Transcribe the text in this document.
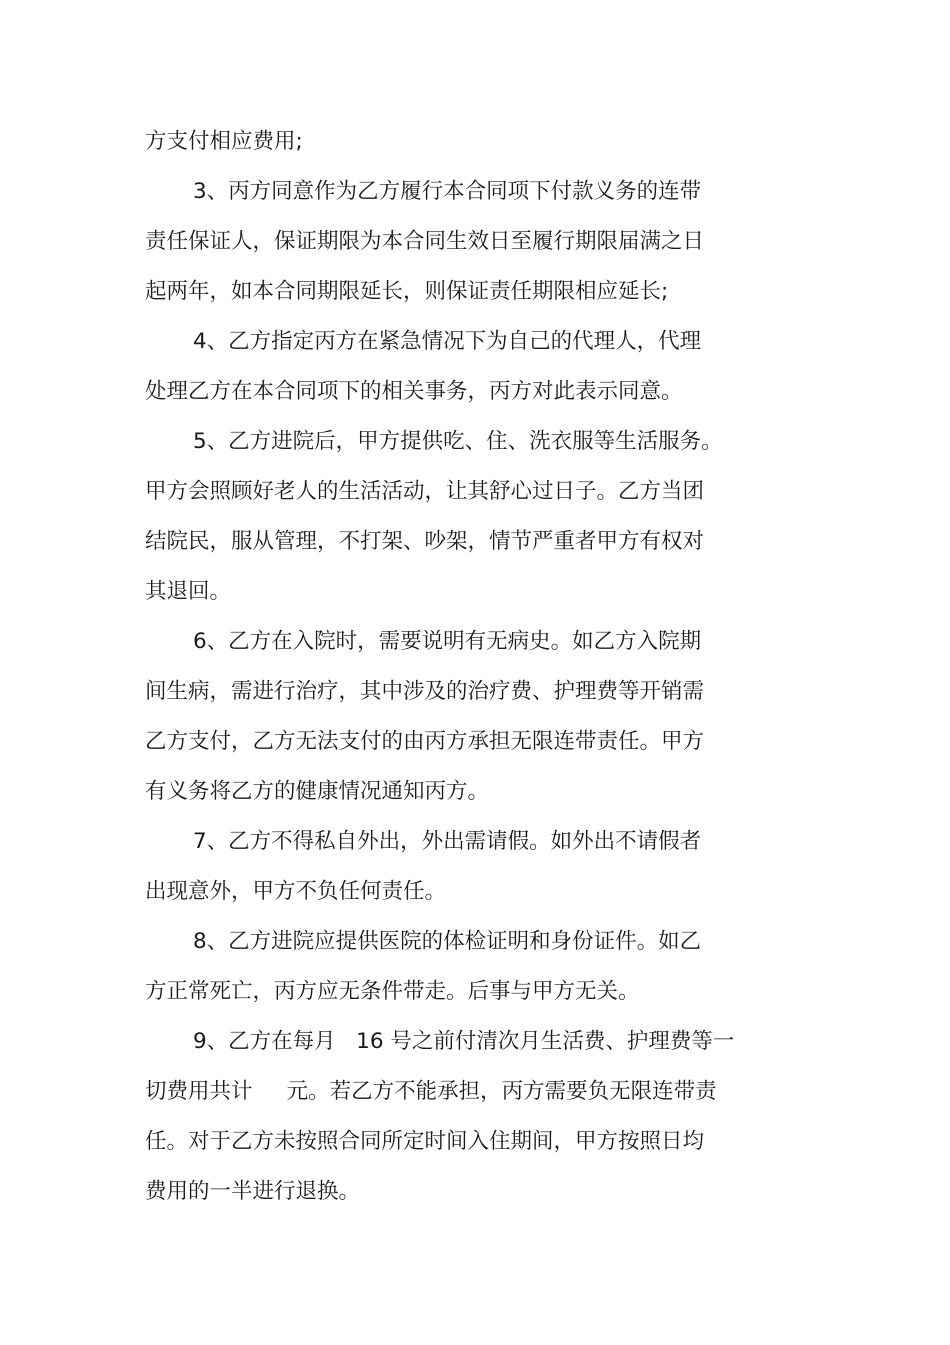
方支付相应费用;

3、丙方同意作为乙方履行本合同项下付款义务的连带

责任保证人，保证期限为本合同生效日至履行期限届满之日

起两年，如本合同期限延长，则保证责任期限相应延长;

4、乙方指定丙方在紧急情况下为自己的代理人，代理

处理乙方在本合同项下的相关事务，丙方对此表示同意。

5、乙方进院后，甲方提供吃、住、洗衣服等生活服务。

甲方会照顾好老人的生活活动，让其舒心过日子。乙方当团

结院民，服从管理，不打架、吵架，情节严重者甲方有权对

其退回。

6、乙方在入院时，需要说明有无病史。如乙方入院期

间生病，需进行治疗，其中涉及的治疗费、护理费等开销需

乙方支付，乙方无法支付的由丙方承担无限连带责任。甲方

有义务将乙方的健康情况通知丙方。

7、乙方不得私自外出，外出需请假。如外出不请假者

出现意外，甲方不负任何责任。

8、乙方进院应提供医院的体检证明和身份证件。如乙

方正常死亡，丙方应无条件带走。后事与甲方无关。

9、乙方在每月   16 号之前付清次月生活费、护理费等一

切费用共计     元。若乙方不能承担，丙方需要负无限连带责

任。对于乙方未按照合同所定时间入住期间，甲方按照日均

费用的一半进行退换。
